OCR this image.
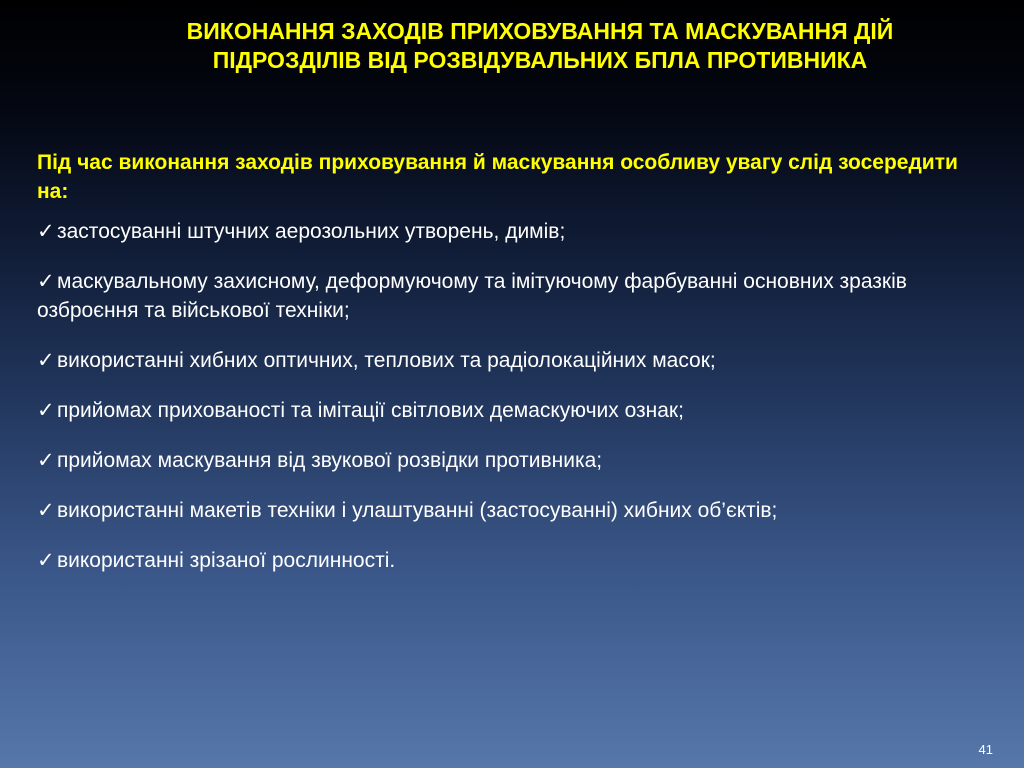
ВИКОНАННЯ ЗАХОДІВ ПРИХОВУВАННЯ ТА МАСКУВАННЯ ДІЙ
ПІДРОЗДІЛІВ ВІД РОЗВІДУВАЛЬНИХ БПЛА ПРОТИВНИКА

Під час виконання заходів приховування й маскування особливу увагу слід зосередити на:

✓ застосуванні штучних аерозольних утворень, димів;
✓ маскувальному захисному, деформуючому та імітуючому фарбуванні основних зразків озброєння та військової техніки;
✓ використанні хибних оптичних, теплових та радіолокаційних масок;
✓ прийомах прихованості та імітації світлових демаскуючих ознак;
✓ прийомах маскування від звукової розвідки противника;
✓ використанні макетів техніки і улаштуванні (застосуванні) хибних об’єктів;
✓ використанні зрізаної рослинності.
41
